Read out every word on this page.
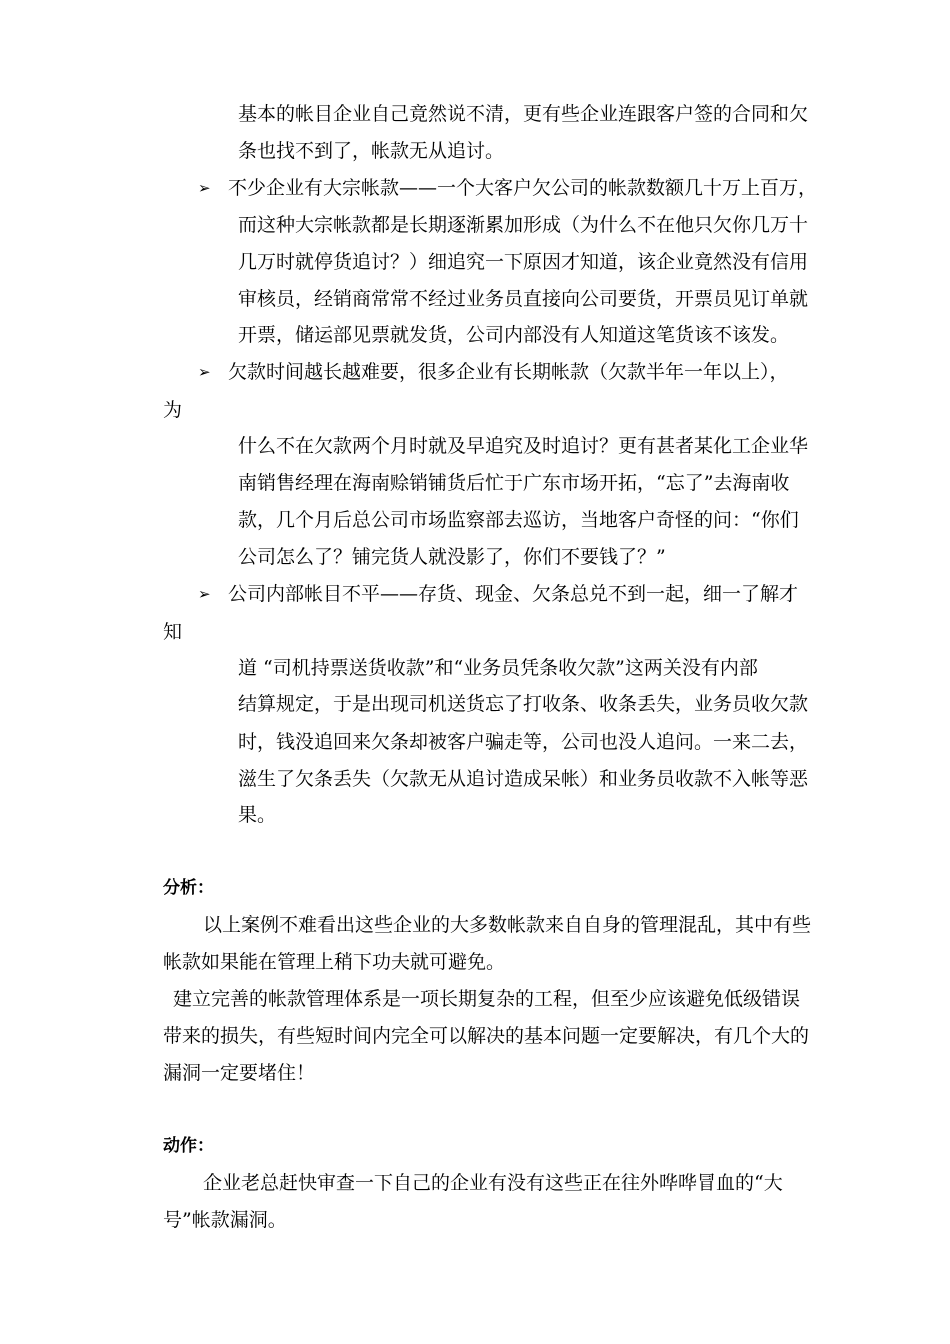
基本的帐目企业自己竟然说不清，更有些企业连跟客户签的合同和欠
条也找不到了，帐款无从追讨。
➢ 不少企业有大宗帐款——一个大客户欠公司的帐款数额几十万上百万，
而这种大宗帐款都是长期逐渐累加形成（为什么不在他只欠你几万十
几万时就停货追讨？）细追究一下原因才知道，该企业竟然没有信用
审核员，经销商常常不经过业务员直接向公司要货，开票员见订单就
开票，储运部见票就发货，公司内部没有人知道这笔货该不该发。
➢ 欠款时间越长越难要，很多企业有长期帐款（欠款半年一年以上），
为
什么不在欠款两个月时就及早追究及时追讨？更有甚者某化工企业华
南销售经理在海南赊销铺货后忙于广东市场开拓，“忘了”去海南收
款，几个月后总公司市场监察部去巡访，当地客户奇怪的问：“你们
公司怎么了？铺完货人就没影了，你们不要钱了？”
➢ 公司内部帐目不平——存货、现金、欠条总兑不到一起，细一了解才
知
道 “司机持票送货收款”和“业务员凭条收欠款”这两关没有内部
结算规定，于是出现司机送货忘了打收条、收条丢失，业务员收欠款
时，钱没追回来欠条却被客户骗走等，公司也没人追问。一来二去，
滋生了欠条丢失（欠款无从追讨造成呆帐）和业务员收款不入帐等恶
果。
分析：
以上案例不难看出这些企业的大多数帐款来自自身的管理混乱，其中有些
帐款如果能在管理上稍下功夫就可避免。
建立完善的帐款管理体系是一项长期复杂的工程，但至少应该避免低级错误
带来的损失，有些短时间内完全可以解决的基本问题一定要解决，有几个大的
漏洞一定要堵住！
动作：
企业老总赶快审查一下自己的企业有没有这些正在往外哗哗冒血的“大
号”帐款漏洞。
